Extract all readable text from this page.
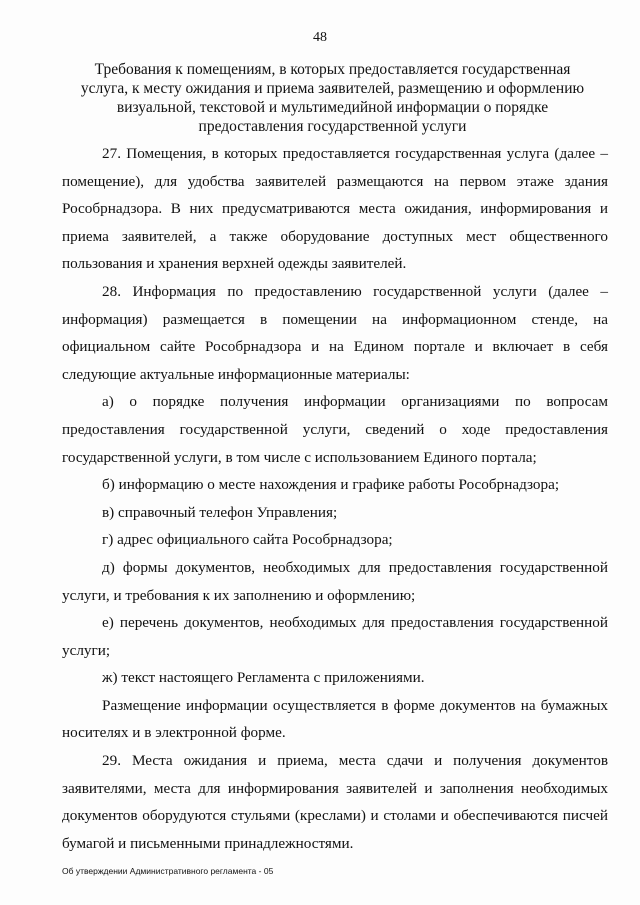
48
Требования к помещениям, в которых предоставляется государственная услуга, к месту ожидания и приема заявителей, размещению и оформлению визуальной, текстовой и мультимедийной информации о порядке предоставления государственной услуги

27. Помещения, в которых предоставляется государственная услуга (далее – помещение), для удобства заявителей размещаются на первом этаже здания Рособрнадзора. В них предусматриваются места ожидания, информирования и приема заявителей, а также оборудование доступных мест общественного пользования и хранения верхней одежды заявителей.

28. Информация по предоставлению государственной услуги (далее – информация) размещается в помещении на информационном стенде, на официальном сайте Рособрнадзора и на Едином портале и включает в себя следующие актуальные информационные материалы:

а) о порядке получения информации организациями по вопросам предоставления государственной услуги, сведений о ходе предоставления государственной услуги, в том числе с использованием Единого портала;

б) информацию о месте нахождения и графике работы Рособрнадзора;

в) справочный телефон Управления;

г) адрес официального сайта Рособрнадзора;

д) формы документов, необходимых для предоставления государственной услуги, и требования к их заполнению и оформлению;

е) перечень документов, необходимых для предоставления государственной услуги;

ж) текст настоящего Регламента с приложениями.

Размещение информации осуществляется в форме документов на бумажных носителях и в электронной форме.

29. Места ожидания и приема, места сдачи и получения документов заявителями, места для информирования заявителей и заполнения необходимых документов оборудуются стульями (креслами) и столами и обеспечиваются писчей бумагой и письменными принадлежностями.

Об утверждении Административного регламента - 05
